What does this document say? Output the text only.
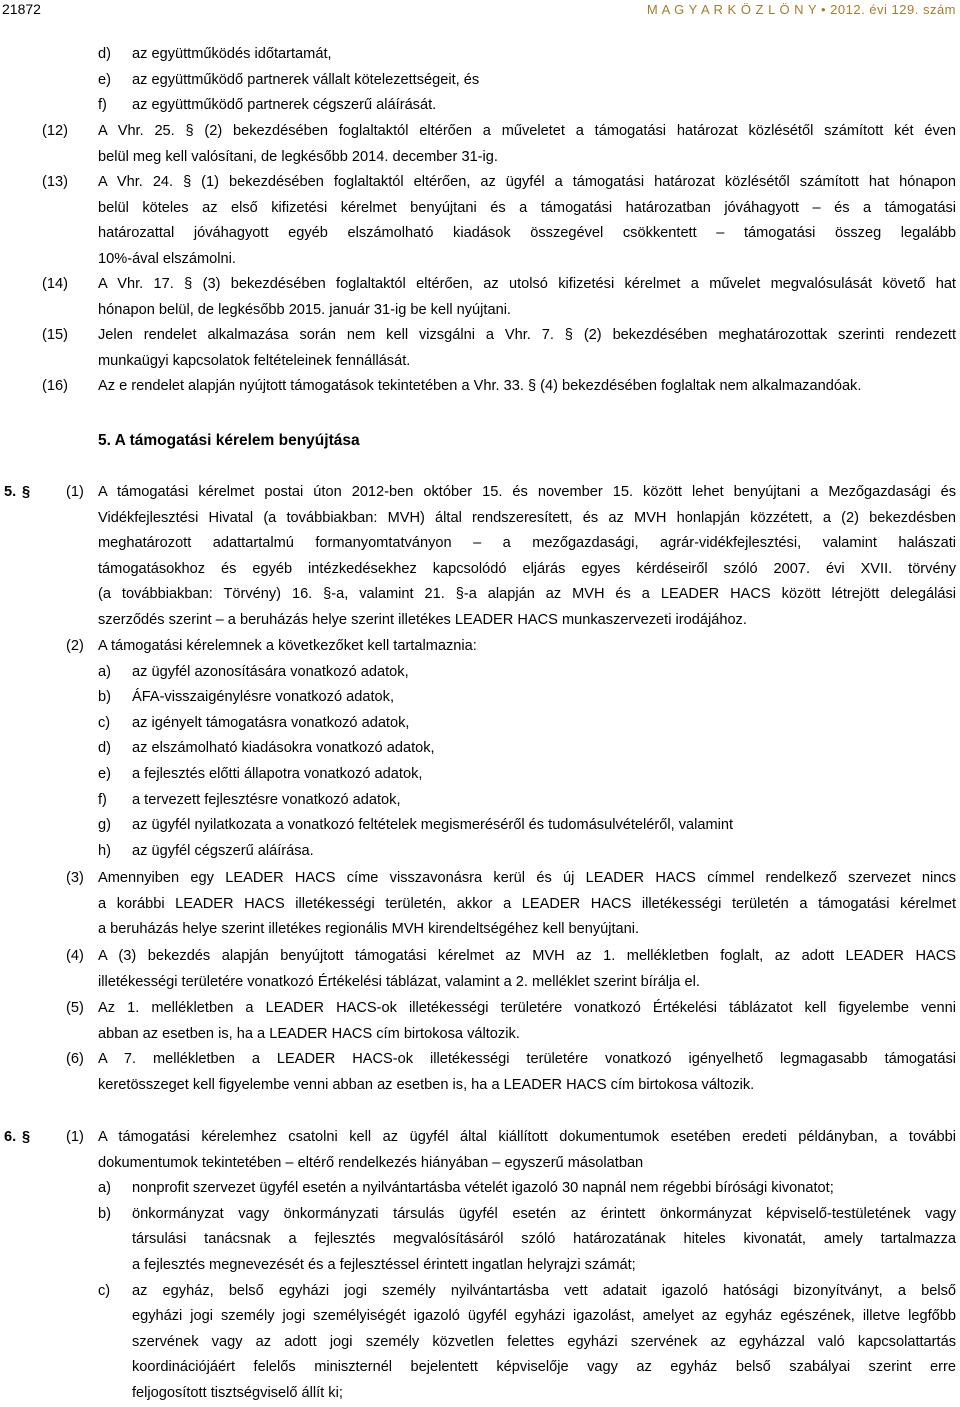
21872	M A G Y A R K Ö Z L Ö N Y • 2012. évi 129. szám
d) az együttműködés időtartamát,
e) az együttműködő partnerek vállalt kötelezettségeit, és
f) az együttműködő partnerek cégszerű aláírását.
(12) A Vhr. 25. § (2) bekezdésében foglaltaktól eltérően a műveletet a támogatási határozat közlésétől számított két éven
belül meg kell valósítani, de legkésőbb 2014. december 31-ig.
(13) A Vhr. 24. § (1) bekezdésében foglaltaktól eltérően, az ügyfél a támogatási határozat közlésétől számított hat hónapon
belül köteles az első kifizetési kérelmet benyújtani és a támogatási határozatban jóváhagyott – és a támogatási
határozattal jóváhagyott egyéb elszámolható kiadások összegével csökkentett – támogatási összeg legalább
10%-ával elszámolni.
(14) A Vhr. 17. § (3) bekezdésében foglaltaktól eltérően, az utolsó kifizetési kérelmet a művelet megvalósulását követő hat
hónapon belül, de legkésőbb 2015. január 31-ig be kell nyújtani.
(15) Jelen rendelet alkalmazása során nem kell vizsgálni a Vhr. 7. § (2) bekezdésében meghatározottak szerinti rendezett
munkaügyi kapcsolatok feltételeinek fennállását.
(16) Az e rendelet alapján nyújtott támogatások tekintetében a Vhr. 33. § (4) bekezdésében foglaltak nem alkalmazandóak.
5. A támogatási kérelem benyújtása
5. § (1) A támogatási kérelmet postai úton 2012-ben október 15. és november 15. között lehet benyújtani a Mezőgazdasági és
Vidékfejlesztési Hivatal (a továbbiakban: MVH) által rendszeresített, és az MVH honlapján közzétett, a (2) bekezdésben
meghatározott adattartalmú formanyomtatványon – a mezőgazdasági, agrár-vidékfejlesztési, valamint halászati
támogatásokhoz és egyéb intézkedésekhez kapcsolódó eljárás egyes kérdéseiről szóló 2007. évi XVII. törvény
(a továbbiakban: Törvény) 16. §-a, valamint 21. §-a alapján az MVH és a LEADER HACS között létrejött delegálási
szerződés szerint – a beruházás helye szerint illetékes LEADER HACS munkaszervezeti irodájához.
(2) A támogatási kérelemnek a következőket kell tartalmaznia:
a) az ügyfél azonosítására vonatkozó adatok,
b) ÁFA-visszaigénylésre vonatkozó adatok,
c) az igényelt támogatásra vonatkozó adatok,
d) az elszámolható kiadásokra vonatkozó adatok,
e) a fejlesztés előtti állapotra vonatkozó adatok,
f) a tervezett fejlesztésre vonatkozó adatok,
g) az ügyfél nyilatkozata a vonatkozó feltételek megismeréséről és tudomásulvételéről, valamint
h) az ügyfél cégszerű aláírása.
(3) Amennyiben egy LEADER HACS címe visszavonásra kerül és új LEADER HACS címmel rendelkező szervezet nincs
a korábbi LEADER HACS illetékességi területén, akkor a LEADER HACS illetékességi területén a támogatási kérelmet
a beruházás helye szerint illetékes regionális MVH kirendeltségéhez kell benyújtani.
(4) A (3) bekezdés alapján benyújtott támogatási kérelmet az MVH az 1. mellékletben foglalt, az adott LEADER HACS
illetékességi területére vonatkozó Értékelési táblázat, valamint a 2. melléklet szerint bírálja el.
(5) Az 1. mellékletben a LEADER HACS-ok illetékességi területére vonatkozó Értékelési táblázatot kell figyelembe venni
abban az esetben is, ha a LEADER HACS cím birtokosa változik.
(6) A 7. mellékletben a LEADER HACS-ok illetékességi területére vonatkozó igényelhető legmagasabb támogatási
keretösszeget kell figyelembe venni abban az esetben is, ha a LEADER HACS cím birtokosa változik.
6. § (1) A támogatási kérelemhez csatolni kell az ügyfél által kiállított dokumentumok esetében eredeti példányban, a további
dokumentumok tekintetében – eltérő rendelkezés hiányában – egyszerű másolatban
a) nonprofit szervezet ügyfél esetén a nyilvántartásba vételét igazoló 30 napnál nem régebbi bírósági kivonatot;
b) önkormányzat vagy önkormányzati társulás ügyfél esetén az érintett önkormányzat képviselő-testületének vagy
társulási tanácsnak a fejlesztés megvalósításáról szóló határozatának hiteles kivonatát, amely tartalmazza
a fejlesztés megnevezését és a fejlesztéssel érintett ingatlan helyrajzi számát;
c) az egyház, belső egyházi jogi személy nyilvántartásba vett adatait igazoló hatósági bizonyítványt, a belső
egyházi jogi személy jogi személyiségét igazoló ügyfél egyházi igazolást, amelyet az egyház egészének, illetve legfőbb
szervének vagy az adott jogi személy közvetlen felettes egyházi szervének az egyházzal való kapcsolattartás
koordinációjáért felelős miniszternél bejelentett képviselője vagy az egyház belső szabályai szerint erre
feljogosított tisztségviselő állít ki;
